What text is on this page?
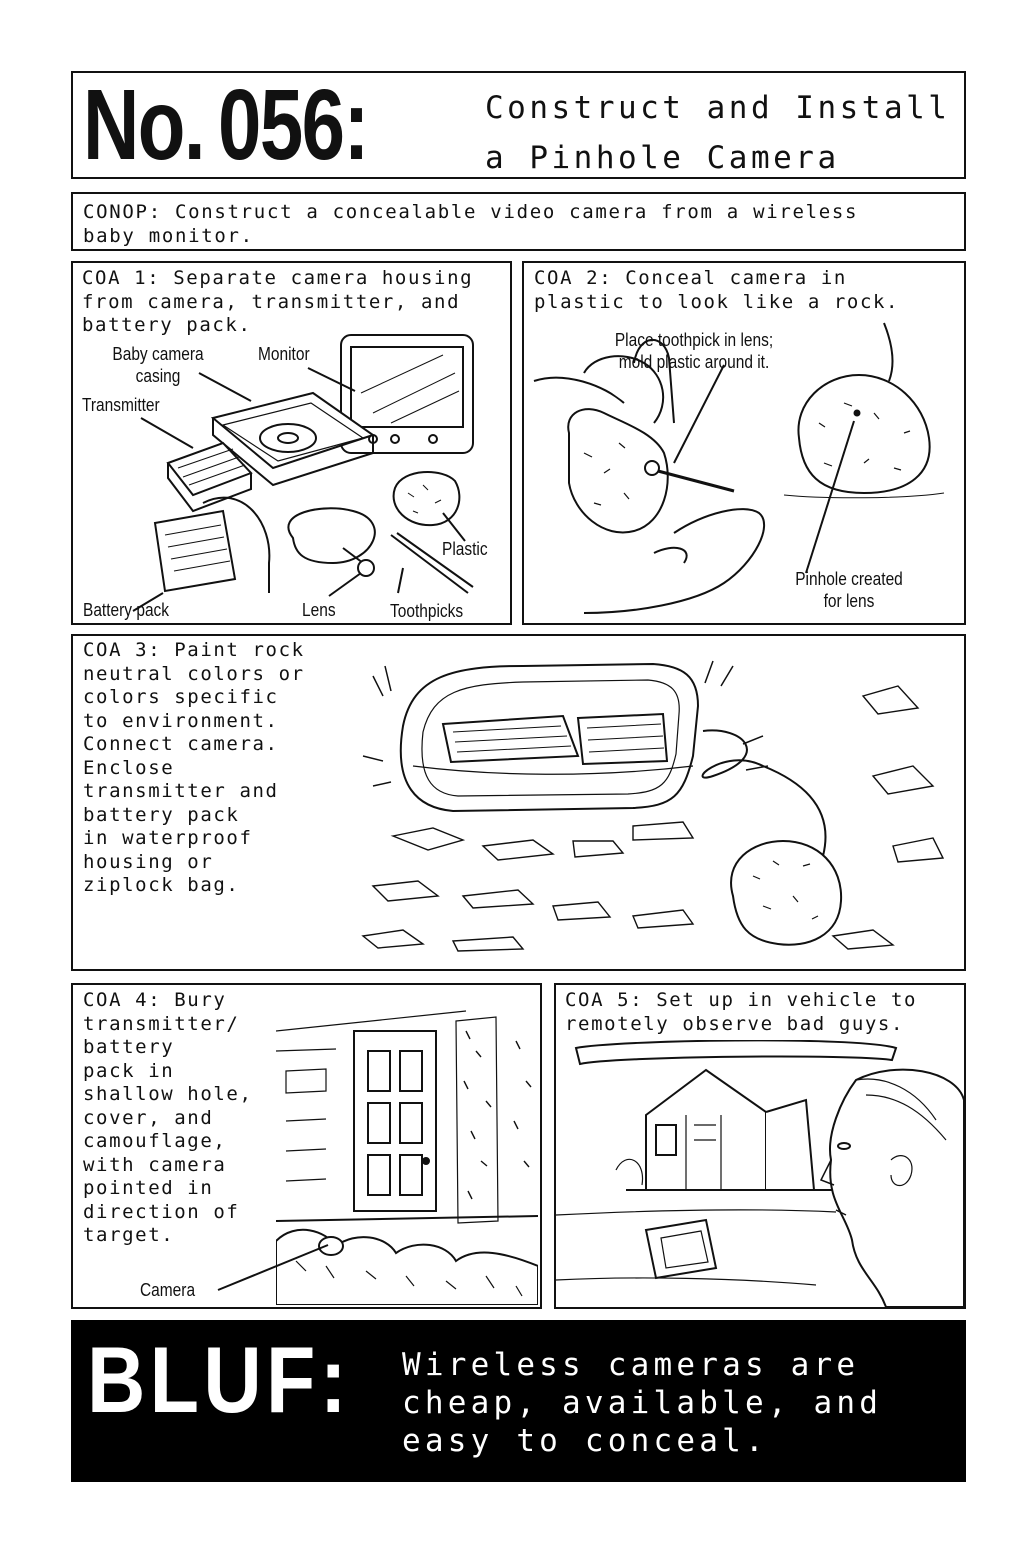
No. 056:	Construct and Install
a Pinhole Camera
CONOP: Construct a concealable video camera from a wireless
baby monitor.
COA 1: Separate camera housing
from camera, transmitter, and
battery pack.
Baby camera
casing
Monitor
Transmitter
Plastic
Battery pack	Lens	Toothpicks
COA 2: Conceal camera in
plastic to look like a rock.
Place toothpick in lens;
mold plastic around it.
Pinhole created
for lens
COA 3: Paint rock
neutral colors or
colors specific
to environment.
Connect camera.
Enclose
transmitter and
battery pack
in waterproof
housing or
ziplock bag.
COA 4: Bury
transmitter/
battery
pack in
shallow hole,
cover, and
camouflage,
with camera
pointed in
direction of
target.
Camera
COA 5: Set up in vehicle to
remotely observe bad guys.
BLUF: Wireless cameras are
cheap, available, and
easy to conceal.
